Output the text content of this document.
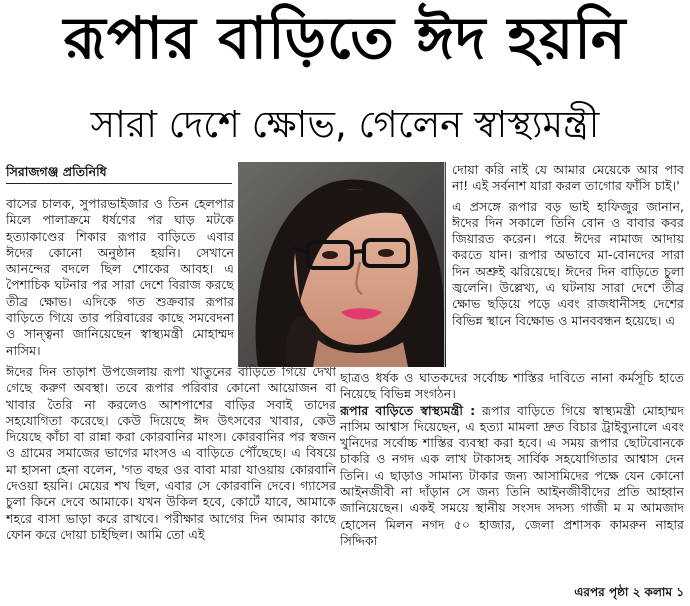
রূপার বাড়িতে ঈদ হয়নি
সারা দেশে ক্ষোভ, গেলেন স্বাস্থ্যমন্ত্রী
সিরাজগঞ্জ প্রতিনিধি
বাসের চালক, সুপারভাইজার ও তিন হেলপার মিলে পালাক্রমে ধর্ষণের পর ঘাড় মটকে হত্যাকাণ্ডের শিকার রূপার বাড়িতে এবার ঈদের কোনো অনুষ্ঠান হয়নি। সেখানে আনন্দের বদলে ছিল শোকের আবহ। এ পৈশাচিক ঘটনার পর সারা দেশে বিরাজ করছে তীব্র ক্ষোভ। এদিকে গত শুক্রবার রূপার বাড়িতে গিয়ে তার পরিবারের কাছে সমবেদনা ও সান্ত্বনা জানিয়েছেন স্বাস্থ্যমন্ত্রী মোহাম্মদ নাসিম।

দোয়া করি নাই যে আমার মেয়েকে আর পাব না! এই সর্বনাশ যারা করল তাগোর ফাঁসি চাই।'

এ প্রসঙ্গে রূপার বড় ভাই হাফিজুর জানান, ঈদের দিন সকালে তিনি বোন ও বাবার কবর জিয়ারত করেন। পরে ঈদের নামাজ আদায় করতে যান। রূপার অভাবে মা-বোনদের সারা দিন অশ্রুই ঝরিয়েছে। ঈদের দিন বাড়িতে চুলা জ্বলেনি। উল্লেখ্য, এ ঘটনায় সারা দেশে তীব্র ক্ষোভ ছড়িয়ে পড়ে এবং রাজধানীসহ দেশের বিভিন্ন স্থানে বিক্ষোভ ও মানববন্ধন হয়েছে। এ

ঈদের দিন তাড়াশ উপজেলায় রূপা খাতুনের বাড়িতে গিয়ে দেখা গেছে করুণ অবস্থা। তবে রূপার পরিবার কোনো আয়োজন বা খাবার তৈরি না করলেও আশপাশের বাড়ির সবাই তাদের সহযোগিতা করেছে। কেউ দিয়েছে ঈদ উৎসবের খাবার, কেউ দিয়েছে কাঁচা বা রান্না করা কোরবানির মাংস। কোরবানির পর স্বজন ও গ্রামের সমাজের ভাগের মাংসও এ বাড়িতে পৌঁছেছে। এ বিষয়ে মা হাসনা হেনা বলেন, 'গত বছর ওর বাবা মারা যাওয়ায় কোরবানি দেওয়া হয়নি। মেয়ের শখ ছিল, এবার সে কোরবানি দেবে। গ্যাসের চুলা কিনে দেবে আমাকে। যখন উকিল হবে, কোর্টে যাবে, আমাকে শহরে বাসা ভাড়া করে রাখবে। পরীক্ষার আগের দিন আমার কাছে ফোন করে দোয়া চাইছিল। আমি তো এই

ছাত্রও ধর্ষক ও ঘাতকদের সর্বোচ্চ শাস্তির দাবিতে নানা কর্মসূচি হাতে নিয়েছে বিভিন্ন সংগঠন।

রূপার বাড়িতে স্বাস্থ্যমন্ত্রী : রূপার বাড়িতে গিয়ে স্বাস্থ্যমন্ত্রী মোহাম্মদ নাসিম আশ্বাস দিয়েছেন, এ হত্যা মামলা দ্রুত বিচার ট্রাইব্যুনালে এবং খুনিদের সর্বোচ্চ শাস্তির ব্যবস্থা করা হবে। এ সময় রূপার ছোটবোনকে চাকরি ও নগদ এক লাখ টাকাসহ সার্বিক সহযোগিতার আশ্বাস দেন তিনি। এ ছাড়াও সামান্য টাকার জন্য আসামিদের পক্ষে যেন কোনো আইনজীবী না দাঁড়ান সে জন্য তিনি আইনজীবীদের প্রতি আহ্বান জানিয়েছেন। একই সময়ে স্থানীয় সংসদ সদস্য গাজী ম ম আমজাদ হোসেন মিলন নগদ ৫০ হাজার, জেলা প্রশাসক কামরুন নাহার সিদ্দিকা

এরপর পৃষ্ঠা ২ কলাম ১
